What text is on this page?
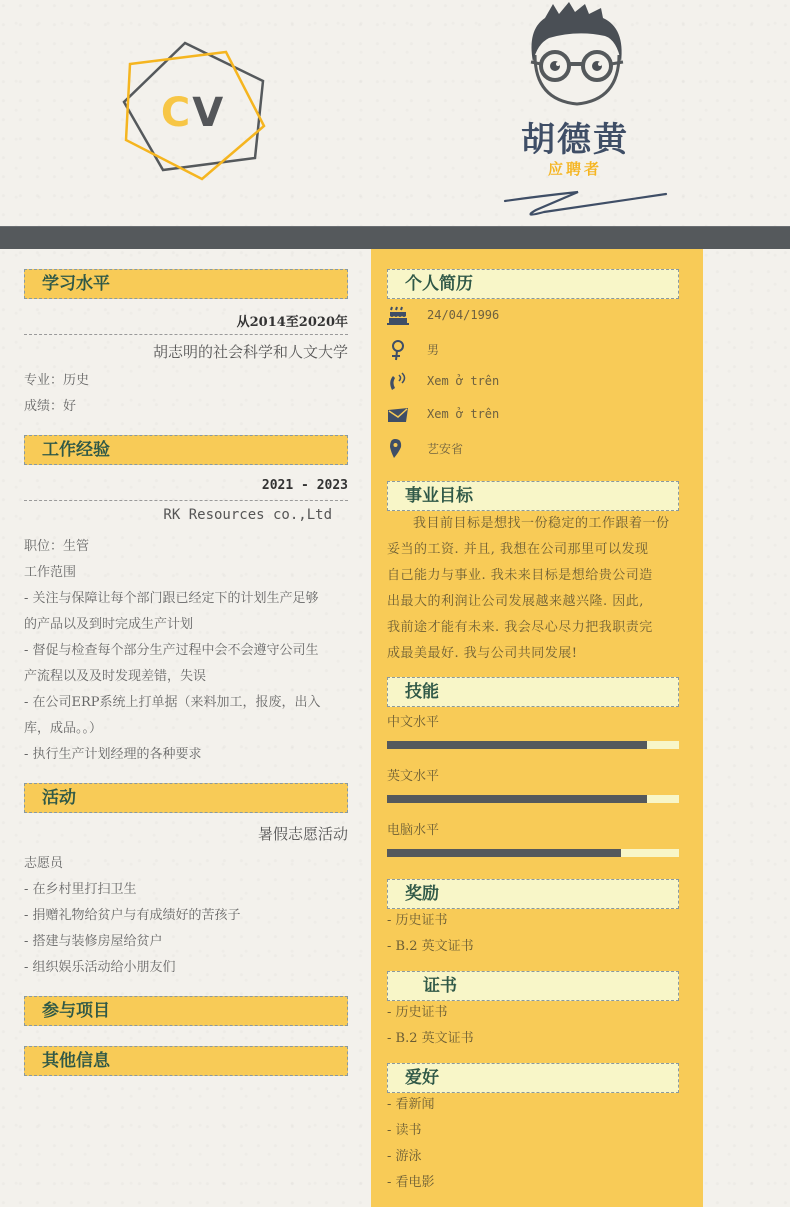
CV
胡德黄
应聘者
学习水平
从2014至2020年
胡志明的社会科学和人文大学
专业：历史
成绩：好
工作经验
2021 - 2023
RK Resources co.,Ltd
职位：生管
工作范围
- 关注与保障让每个部门跟已经定下的计划生产足够
的产品以及到时完成生产计划
- 督促与检查每个部分生产过程中会不会遵守公司生
产流程以及及时发现差错，失误
- 在公司ERP系统上打单据（来料加工，报废，出入
库，成品。。）
- 执行生产计划经理的各种要求
活动
暑假志愿活动
志愿员
- 在乡村里打扫卫生
- 捐赠礼物给贫户与有成绩好的苦孩子
- 搭建与装修房屋给贫户
- 组织娱乐活动给小朋友们
参与项目
其他信息
个人简历
24/04/1996
男
Xem ở trên
Xem ở trên
艺安省
事业目标
我目前目标是想找一份稳定的工作跟着一份
妥当的工资. 并且, 我想在公司那里可以发现
自己能力与事业. 我未来目标是想给贵公司造
出最大的利润让公司发展越来越兴隆. 因此,
我前途才能有未来. 我会尽心尽力把我职责完
成最美最好. 我与公司共同发展!
技能
中文水平
英文水平
电脑水平
奖励
- 历史证书
- B.2 英文证书
证书
- 历史证书
- B.2 英文证书
爱好
- 看新闻
- 读书
- 游泳
- 看电影
